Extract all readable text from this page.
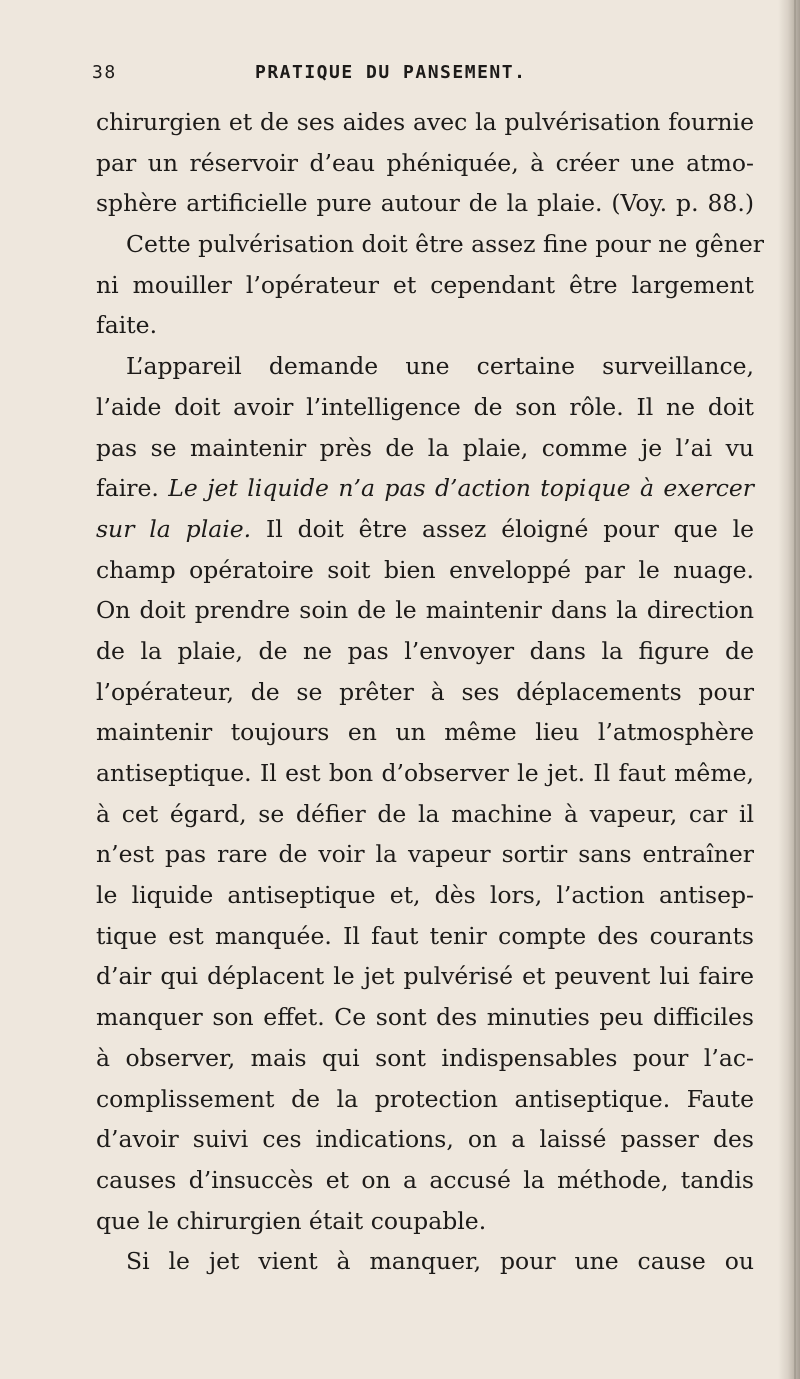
38	PRATIQUE DU PANSEMENT.
chirurgien et de ses aides avec la pulvérisation fournie
par un réservoir d’eau phéniquée, à créer une atmo-
sphère artificielle pure autour de la plaie. (Voy. p. 88.)
Cette pulvérisation doit être assez fine pour ne gêner
ni mouiller l’opérateur et cependant être largement
faite.
L’appareil demande une certaine surveillance,
l’aide doit avoir l’intelligence de son rôle. Il ne doit
pas se maintenir près de la plaie, comme je l’ai vu
faire. Le jet liquide n’a pas d’action topique à exercer
sur la plaie. Il doit être assez éloigné pour que le
champ opératoire soit bien enveloppé par le nuage.
On doit prendre soin de le maintenir dans la direction
de la plaie, de ne pas l’envoyer dans la figure de
l’opérateur, de se prêter à ses déplacements pour
maintenir toujours en un même lieu l’atmosphère
antiseptique. Il est bon d’observer le jet. Il faut même,
à cet égard, se défier de la machine à vapeur, car il
n’est pas rare de voir la vapeur sortir sans entraîner
le liquide antiseptique et, dès lors, l’action antisep-
tique est manquée. Il faut tenir compte des courants
d’air qui déplacent le jet pulvérisé et peuvent lui faire
manquer son effet. Ce sont des minuties peu difficiles
à observer, mais qui sont indispensables pour l’ac-
complissement de la protection antiseptique. Faute
d’avoir suivi ces indications, on a laissé passer des
causes d’insuccès et on a accusé la méthode, tandis
que le chirurgien était coupable.
Si le jet vient à manquer, pour une cause ou
